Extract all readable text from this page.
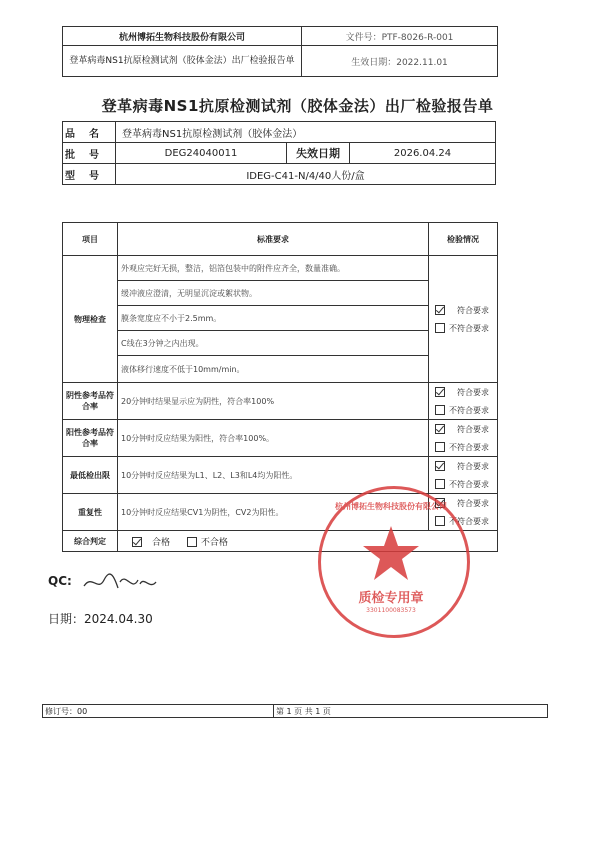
杭州博拓生物科技股份有限公司	文件号：PTF-8026-R-001
登革病毒NS1抗原检测试剂（胶体金法）出厂检验报告单	生效日期：2022.11.01
登革病毒NS1抗原检测试剂（胶体金法）出厂检验报告单
品名	登革病毒NS1抗原检测试剂（胶体金法）		
批号	DEG24040011	失效日期	2026.04.24
型号	IDEG-C41-N/4/40人份/盒		
项目	标准要求	检验情况
物理检查	外观应完好无损，整洁，铝箔包装中的附件应齐全，数量准确。	符合要求
不符合要求

	缓冲液应澄清，无明显沉淀或絮状物。	
	膜条宽度应不小于2.5mm。	
	C线在3分钟之内出现。	
	液体移行速度不低于10mm/min。	
阴性参考品符合率	20分钟时结果显示应为阴性，符合率100%	符合要求
不符合要求

阳性参考品符合率	10分钟时反应结果为阳性，符合率100%。	符合要求
不符合要求

最低检出限	10分钟时反应结果为L1、L2、L3和L4均为阳性。	符合要求
不符合要求

重复性	10分钟时反应结果CV1为阴性，CV2为阳性。	符合要求
不符合要求

综合判定	合格 不合格	
QC:
日期：2024.04.30
杭州博拓生物科技股份有限公司
质检专用章
3301100083573
修订号：00	第 1 页 共 1 页
